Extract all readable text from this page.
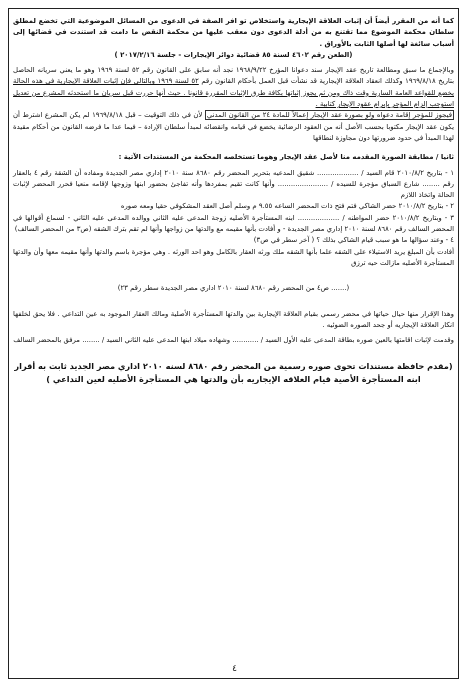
كما أنه من المقرر أيضاً أن إثبات العلاقة الإيجارية واستخلاص تو افر الصفة في الدعوى من المسائل الموضوعية التي تخضع لمطلق سلطان محكمة الموضوع مما تقتنع به من أدلة الدعوى دون معقب عليها من محكمة النقض ما دامت قد استندت في قضائها إلى أسباب سائغة لها أصلها الثابت بالأوراق .

(الطعن رقم ٤٦٠٢ لسنة ٨٥ قضائية دوائر الإيجارات - جلسة ٢٠١٧/٢/١٦ )

وبالإجماع ما سبق ومطالعة تاريخ عقد الإيجار سند دعوانا المؤرخ ١٩٦٨/٩/٢٢ نجد أنه سابق على القانون رقم ٥٢ لسنة ١٩٦٩ وهو ما يعني سريانه الحاصل بتاريخ ١٩٦٩/٨/١٨ وكذلك انعقاد العلاقة الإيجارية قد نشأت قبل العمل بأحكام القانون رقم ٥٢ لسنة ١٩٦٩ وبالتالي فإن إثبات العلاقة الإيجارية في هذه الحالة يخضع للقواعد العامة السارية وقت ذاك ومن ثم يجوز إثباتها بكافة طرق الإثبات المقررة قانونا . حيث أنها حررت قبل سريان ما استحدثه المشرع من تعديل استوجب إلزام المؤجر بإبرام عقود الإيجار كتابية .

فيجوز للمؤجر إقامة دعواه ولو بصورة عقد الإيجار إعمالاً للمادة ٢٤ من القانون المدني لأن في ذلك التوقيت – قبل ١٩٦٩/٨/١٨ لم يكن المشرع اشترط أن يكون عقد الإيجار مكتوبا بحسب الأصل أنه من العقود الرضائية يخضع في قيامه وانقضائه لمبدأ سلطان الإرادة – فيما عدا ما فرضه القانون من أحكام مقيدة لهذا المبدأ في حدود ضرورتها دون مجاوزة لنطاقها

ثانيا / مطابقة الصورة المقدمه منا لأصل عقد الإيجار وهوما تستخلصه المحكمة من المستندات الآتية :

١ - بتاريخ ٢٠١٠/٨/٢ قام السيد / ................... شقيق المدعيه بتحرير المحضر رقم ٨٦٨٠ سنة ٢٠١٠ إداري مصر الجديدة ومفاده أن الشقة رقم ٤ بالعقار رقم ........ شارع السباق مؤجرة للسيده / ....................... وأنها كانت تقيم بمفردها وأنه تفاجئ بحضور ابنها وزوجها لإقامه منعيا فحرر المحضر لإثبات الحالة واتخاذ اللازم
٢ - بتاريخ ٢٠١٠/٨/٢ حضر الشاكي فتم فتح ذات المحضر الساعه ٩.٥٥ م وسلم أصل العقد المشكوفي حقيا ومعه صوره
٣ - وبتاريخ ٢٠١٠/٨/٢ حضر المواطنه / ................... ابنه المستأجرة الأصليه زوجة المدعى عليه الثاني ووالده المدعى عليه الثاني - لسماع أقوالها في المحضر السالف رقم ٨٦٨٠ لسنة ٢٠١٠ إداري مصر الجديدة - و أفادت بأنها مقيمه مع والدتها من زواجها وأنها لم تقم بترك الشقه (ص٣ من المحضر السالف)
٤ - وعند سؤالها ما هو سبب قيام الشاكي بذلك ؟ ( آخر سطر في ص٣)
أفادت بأن المبلغ يريد الاستيلاء على الشقه علما بأنها الشقه ملك ورثه العقار بالكامل وهو احد الورثه . وهي مؤجرة باسم والدتها وأنها مقيمه معها وأن والدتها المستأجرة الأصليه مازالت حيه ترزق

(....... ص٤ من المحضر رقم ٨٦٨٠ لسنة ٢٠١٠ اداري مصر الجديدة سطر رقم ٢٣)

وهذا الإقرار منها حيال حياتها في محضر رسمي بقيام العلاقة الإيجارية بين والدتها المستأجرة الأصلية ومالك العقار الموجود به عين التداعي . فلا يحق لخلفها انكار العلاقة الإيجاريه أو جحد الصوره الضوئيه .

وقدمت لإثبات اقامتها بالعين صوره بطاقة المدعى عليه الأول السيد / ............ وشهاده ميلاد ابنها المدعى عليه الثاني السيد / ........ مرفق بالمحضر السالف

(مقدم حافظة مستندات تحوى صوره رسمية من المحضر رقم ٨٦٨٠ لسنه ٢٠١٠ اداري مصر الجديد ثابت به أقرار ابنه المستأجرة الأصية قيام العلاقه الإيجاريه بأن والدتها هي المستأجرة الأصليه لعين التداعي )

٤
